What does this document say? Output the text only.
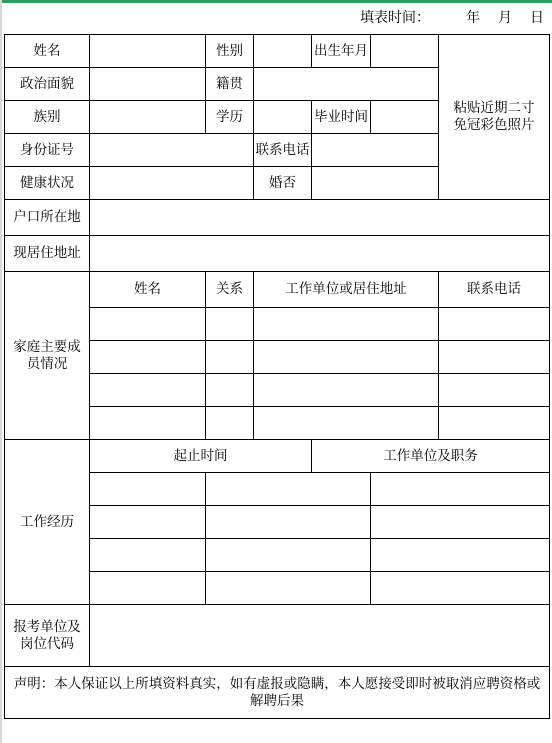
填表时间：

	年

月

日

姓名		性别		出生年月		粘贴近期二寸免冠彩色照片

政治面貌		籍贯				
族别		学历		毕业时间		
身份证号			联系电话			
健康状况			婚否			
户口所在地						
现居住地址						

家庭主要成员情况	姓名	关系	工作单位或居住地址			联系电话

工作经历	起止时间			工作单位及职务		

报考单位及岗位代码						

声明：本人保证以上所填资料真实，如有虚报或隐瞒，本人愿接受即时被取消应聘资格或 解聘后果						
